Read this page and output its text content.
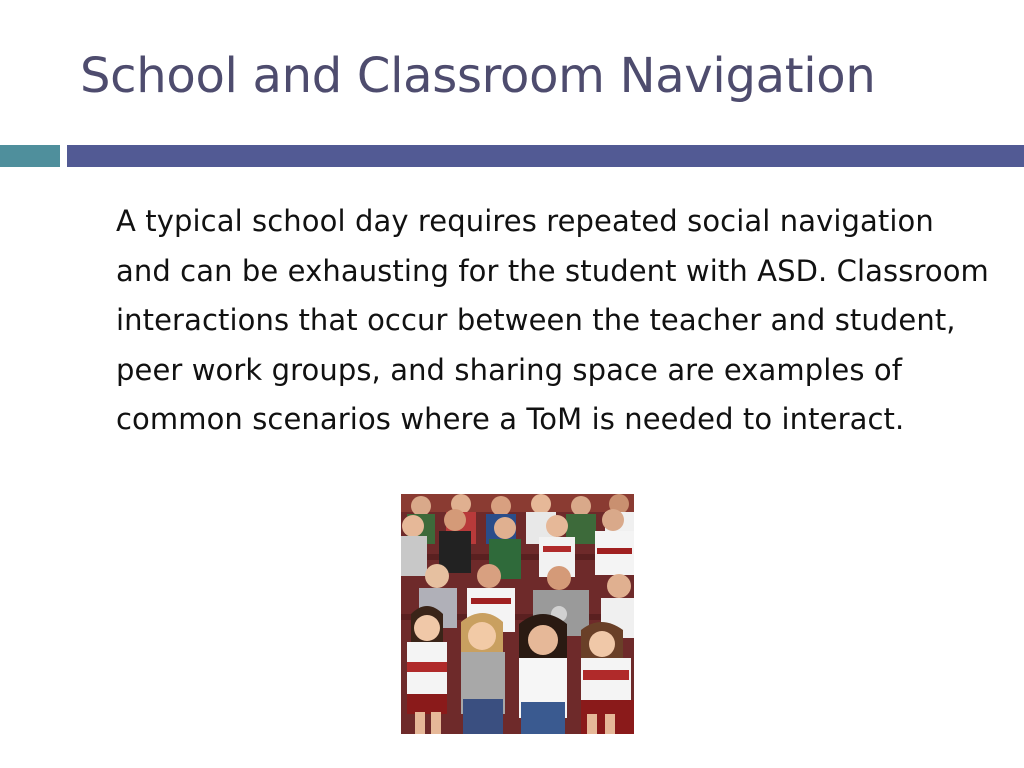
School and Classroom Navigation
A typical school day requires repeated social navigation and can be exhausting for the student with ASD. Classroom interactions that occur between the teacher and student, peer work groups, and sharing space are examples of common scenarios where a ToM is needed to interact.
